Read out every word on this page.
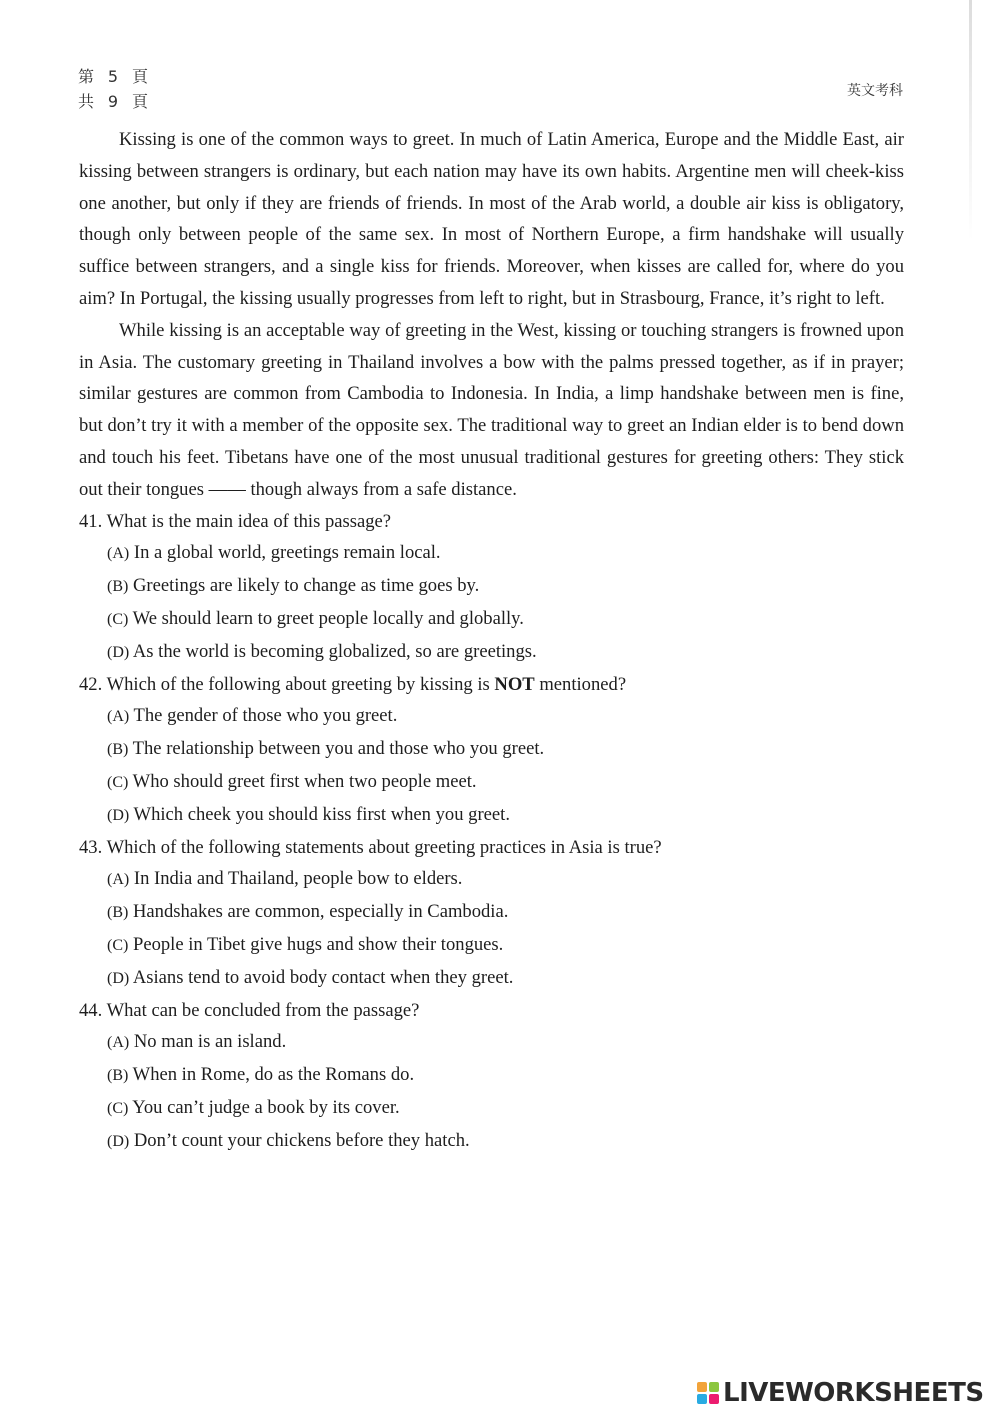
第 5 頁
共 9 頁
英文考科

Kissing is one of the common ways to greet. In much of Latin America, Europe and the Middle East, air kissing between strangers is ordinary, but each nation may have its own habits. Argentine men will cheek-kiss one another, but only if they are friends of friends. In most of the Arab world, a double air kiss is obligatory, though only between people of the same sex. In most of Northern Europe, a firm handshake will usually suffice between strangers, and a single kiss for friends. Moreover, when kisses are called for, where do you aim? In Portugal, the kissing usually progresses from left to right, but in Strasbourg, France, it’s right to left.

While kissing is an acceptable way of greeting in the West, kissing or touching strangers is frowned upon in Asia. The customary greeting in Thailand involves a bow with the palms pressed together, as if in prayer; similar gestures are common from Cambodia to Indonesia. In India, a limp handshake between men is fine, but don’t try it with a member of the opposite sex. The traditional way to greet an Indian elder is to bend down and touch his feet. Tibetans have one of the most unusual traditional gestures for greeting others: They stick out their tongues —— though always from a safe distance.

41. What is the main idea of this passage?

(A) In a global world, greetings remain local.

(B) Greetings are likely to change as time goes by.

(C) We should learn to greet people locally and globally.

(D) As the world is becoming globalized, so are greetings.

42. Which of the following about greeting by kissing is NOT mentioned?

(A) The gender of those who you greet.

(B) The relationship between you and those who you greet.

(C) Who should greet first when two people meet.

(D) Which cheek you should kiss first when you greet.

43. Which of the following statements about greeting practices in Asia is true?

(A) In India and Thailand, people bow to elders.

(B) Handshakes are common, especially in Cambodia.

(C) People in Tibet give hugs and show their tongues.

(D) Asians tend to avoid body contact when they greet.

44. What can be concluded from the passage?

(A) No man is an island.

(B) When in Rome, do as the Romans do.

(C) You can’t judge a book by its cover.

(D) Don’t count your chickens before they hatch.

LIVEWORKSHEETS
